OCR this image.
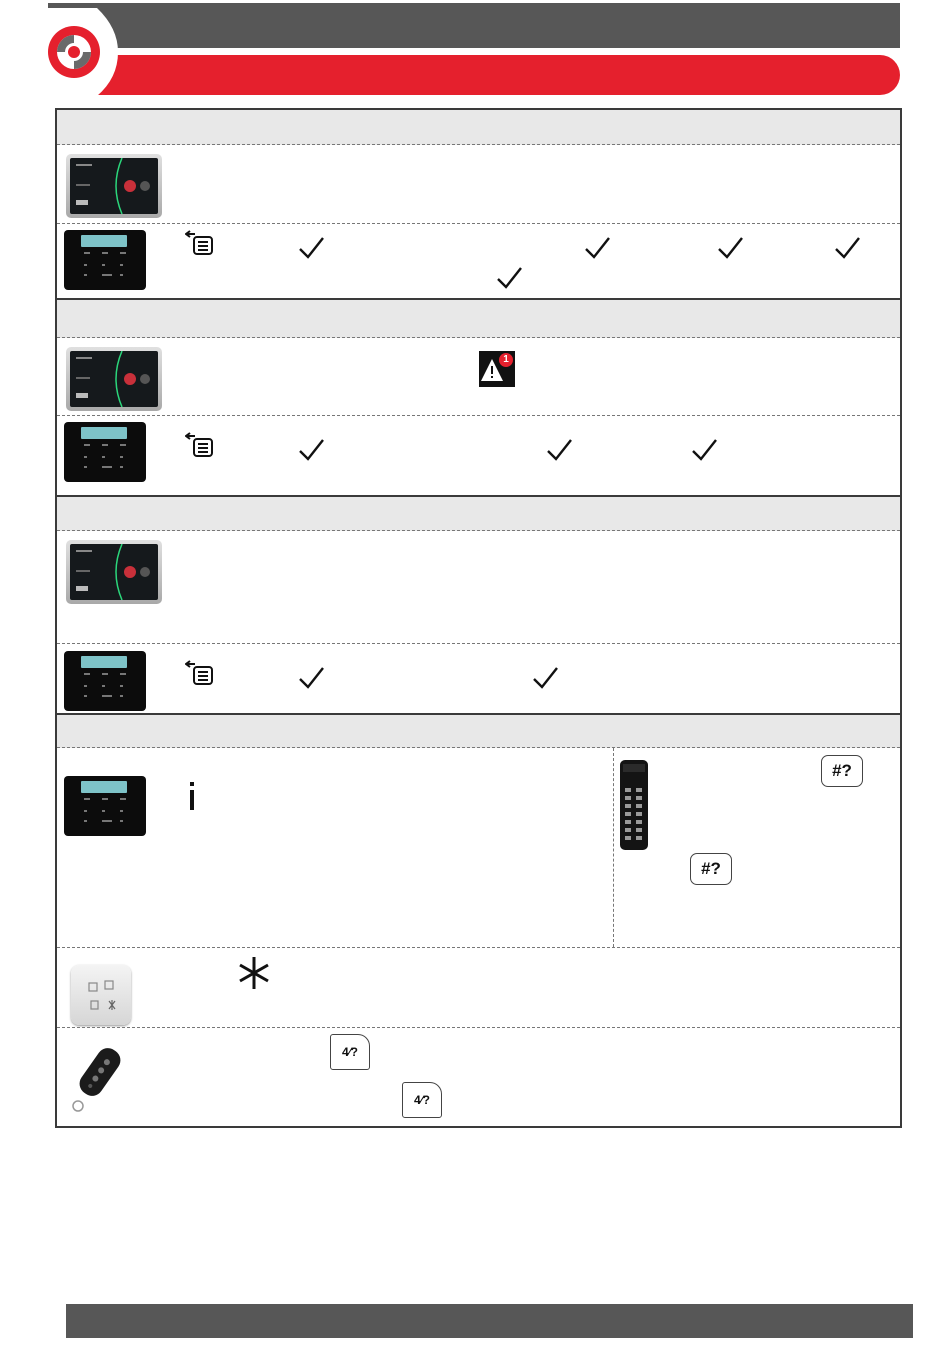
1
#?
#?
4⁄?
4⁄?
